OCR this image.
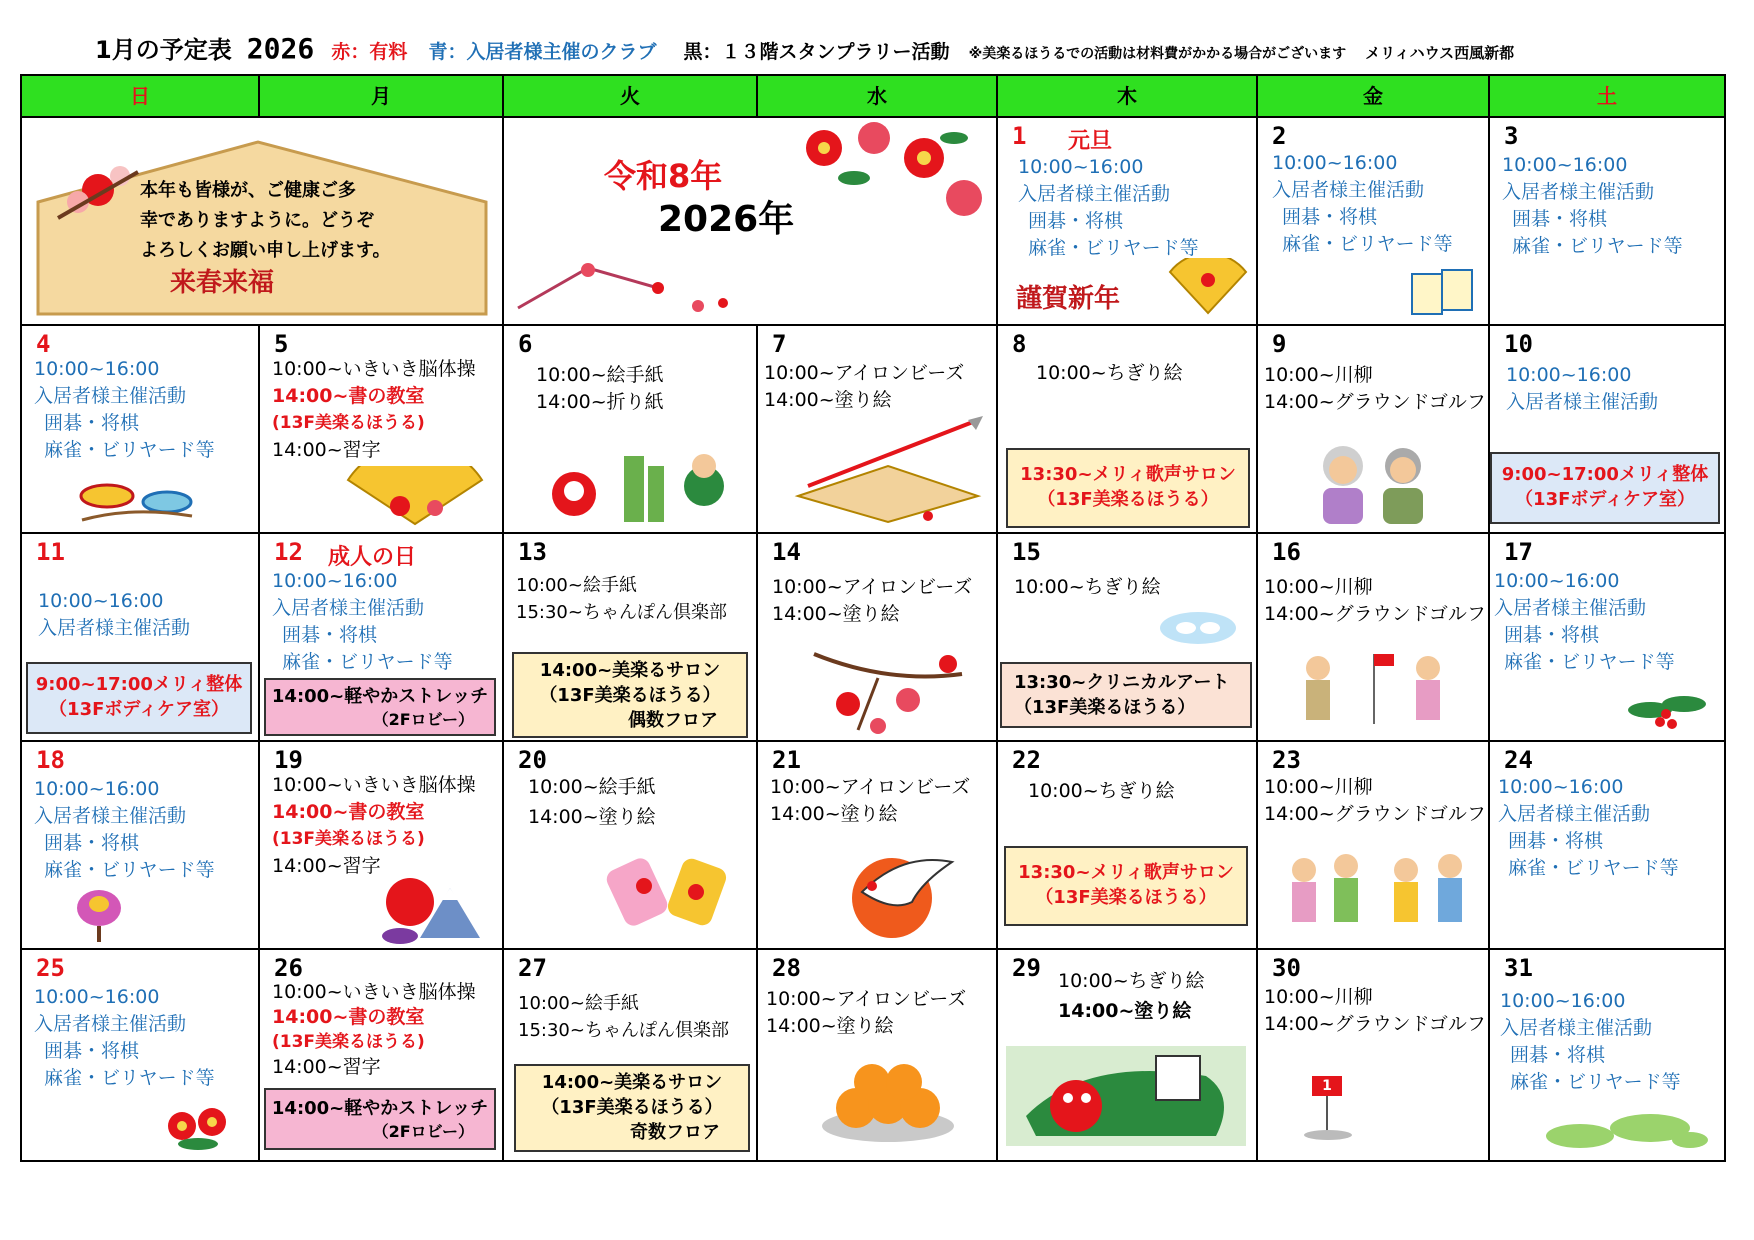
1月の予定表 2026 赤：有料 青：入居者様主催のクラブ 黒：１３階スタンプラリー活動 ※美楽るほうるでの活動は材料費がかかる場合がございます メリィハウス西風新都
日	月	火	水	木	金	土
本年も皆様が、ご健康ご多
幸でありますように。どうぞ
よろしくお願い申し上げます。
来春来福
令和8年
2026年
1 元旦
10:00~16:00
入居者様主催活動
囲碁・将棋
麻雀・ビリヤード等
謹賀新年
2
10:00~16:00
入居者様主催活動
囲碁・将棋
麻雀・ビリヤード等
3
10:00~16:00
入居者様主催活動
囲碁・将棋
麻雀・ビリヤード等
4
10:00~16:00
入居者様主催活動
囲碁・将棋
麻雀・ビリヤード等
5
10:00~いきいき脳体操
14:00~書の教室
(13F美楽るほうる)
14:00~習字
6
10:00~絵手紙
14:00~折り紙
7
10:00~アイロンビーズ
14:00~塗り絵
8
10:00~ちぎり絵
13:30~メリィ歌声サロン
（13F美楽るほうる）
9
10:00~川柳
14:00~グラウンドゴルフ
10
10:00~16:00
入居者様主催活動
9:00~17:00メリィ整体
（13Fボディケア室）
11
10:00~16:00
入居者様主催活動
9:00~17:00メリィ整体
（13Fボディケア室）
12 成人の日
10:00~16:00
入居者様主催活動
囲碁・将棋
麻雀・ビリヤード等
14:00~軽やかストレッチ
（2Fロビー）
13
10:00~絵手紙
15:30~ちゃんぽん倶楽部
14:00~美楽るサロン
（13F美楽るほうる）
偶数フロア
14
10:00~アイロンビーズ
14:00~塗り絵
15
10:00~ちぎり絵
13:30~クリニカルアート
（13F美楽るほうる）
16
10:00~川柳
14:00~グラウンドゴルフ
17
10:00~16:00
入居者様主催活動
囲碁・将棋
麻雀・ビリヤード等
18
10:00~16:00
入居者様主催活動
囲碁・将棋
麻雀・ビリヤード等
19
10:00~いきいき脳体操
14:00~書の教室
(13F美楽るほうる)
14:00~習字
20
10:00~絵手紙
14:00~塗り絵
21
10:00~アイロンビーズ
14:00~塗り絵
22
10:00~ちぎり絵
13:30~メリィ歌声サロン
（13F美楽るほうる）
23
10:00~川柳
14:00~グラウンドゴルフ
24
10:00~16:00
入居者様主催活動
囲碁・将棋
麻雀・ビリヤード等
25
10:00~16:00
入居者様主催活動
囲碁・将棋
麻雀・ビリヤード等
26
10:00~いきいき脳体操
14:00~書の教室
(13F美楽るほうる)
14:00~習字
14:00~軽やかストレッチ
（2Fロビー）
27
10:00~絵手紙
15:30~ちゃんぽん倶楽部
14:00~美楽るサロン
（13F美楽るほうる）
奇数フロア
28
10:00~アイロンビーズ
14:00~塗り絵
29 10:00~ちぎり絵
14:00~塗り絵
30
10:00~川柳
14:00~グラウンドゴルフ
1
31
10:00~16:00
入居者様主催活動
囲碁・将棋
麻雀・ビリヤード等
